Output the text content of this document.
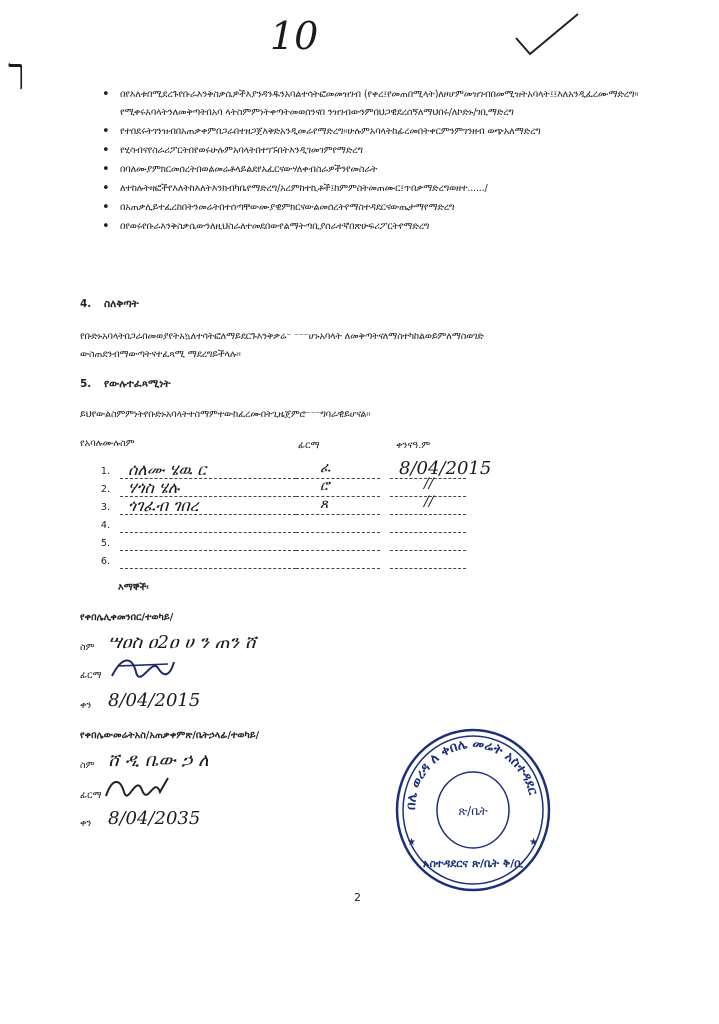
ך
10
• በየእለቱበሚደረጉየቡራእንቅስቃሴዎችእያንዳንዱንአባልተሳትፎመመዝገብ (የቀረ፤የመጠበሚላት)ለዞሆምመዝገብበመሚዝትአባላት፤፤እለአንዲፈረሙማድረግ፡፡የሚቀሩአባላትንለመቅጣትበአባ ላትስምምነትቀጣትመወሰንናበ ንዝገብውንምበህጋዊደረሰኝለማህበሩ/ለኮድኑ/ገቢማድረግ
• የተበደሩትገንዝብበአጠቃቀምበጋራበተዘጋጀእቅድአንዲመራየማድረግ፡፡ሁሉምአባላትከፊረመበትቀርምንምገንዘብ ወጭአለማድረግ
• የሂሳብናየስራሪፖርትበየወሩሁሉምአባላትበተገኙበትእንዲገመገምየማድረግ
• በባለሙያምክርመሰረትበወልመሬቶላይልደየአፈርናውሃለቀብስራዎችንየመስራት
• ለተከሉትዛፎችየእለትከእለትእንክብካቤየማድረግ/አረምከተኪቶች፤ከምምስትመጠሙር፤ጥበቃማድረግወዘተ....../
• በአጠቃሊይተፈረከበትንመሬትበተሰጣቸውሙያዊምክርናውልመሰረትየማስተዳደርናውጤታማየማድረግ
• በየወሩየቡራእንቅስቃሴውንለዚህስራለተመደበውየልማትጣቢያሰራተኛበጽሁፍሪፖርትየማድረግ
4. ስለቅጣት
የቡድኑአባላትበጋራበመወያየትአኳለተሳትፎለማይደርጉእንቅቃሬ⁻ ⁻⁻⁻ሆኑአባላት ለመቅጣትናለማስተካከልወይምለማስወገድ
ውስጠደንብማውጣትናተፈጻሚ ማደረግይችላሉ፡፡
5. የውሉተፈጻሚነት
ይህየውልስምምነትየቡድኑአባላትተስማምተውከፈረሙበትጊዜጀምሮ⁻⁻⁻ግባራዊይሆናል፡፡
የአባሉሙሉስም	ፊርማ	ቀንናዓ.ም
1. ሰለሙ ሄዉ ር	ፈ	8/04/2015
2. ሃጎስ ሄሉ	ሮ	//
3. ጎገፈብ ገበረ	ጸ	//
4.
5.
6.
እማኞች፡
የቀበሌሊቀመንበር/ተወካይ/
ስም ሣዐስ ዐ2ዐ ሀ ን ጠን ሸ
ፊርማ
ቀን 8/04/2015
የቀበሌውመሬትአስ/አጠቃቀምጽ/ቤትኃላፊ/ተወካይ/
ስም ሸ ዲ ቤው ኃ ለ
ፊርማ
ቀን 8/04/2035
በሌ ወረዳ ለ ቀበሌ መሬት አስተዳደር
ጽ/ቤት
አስተዳደርና ጽ/ቤት ቅ/ቢ
★	★
2
